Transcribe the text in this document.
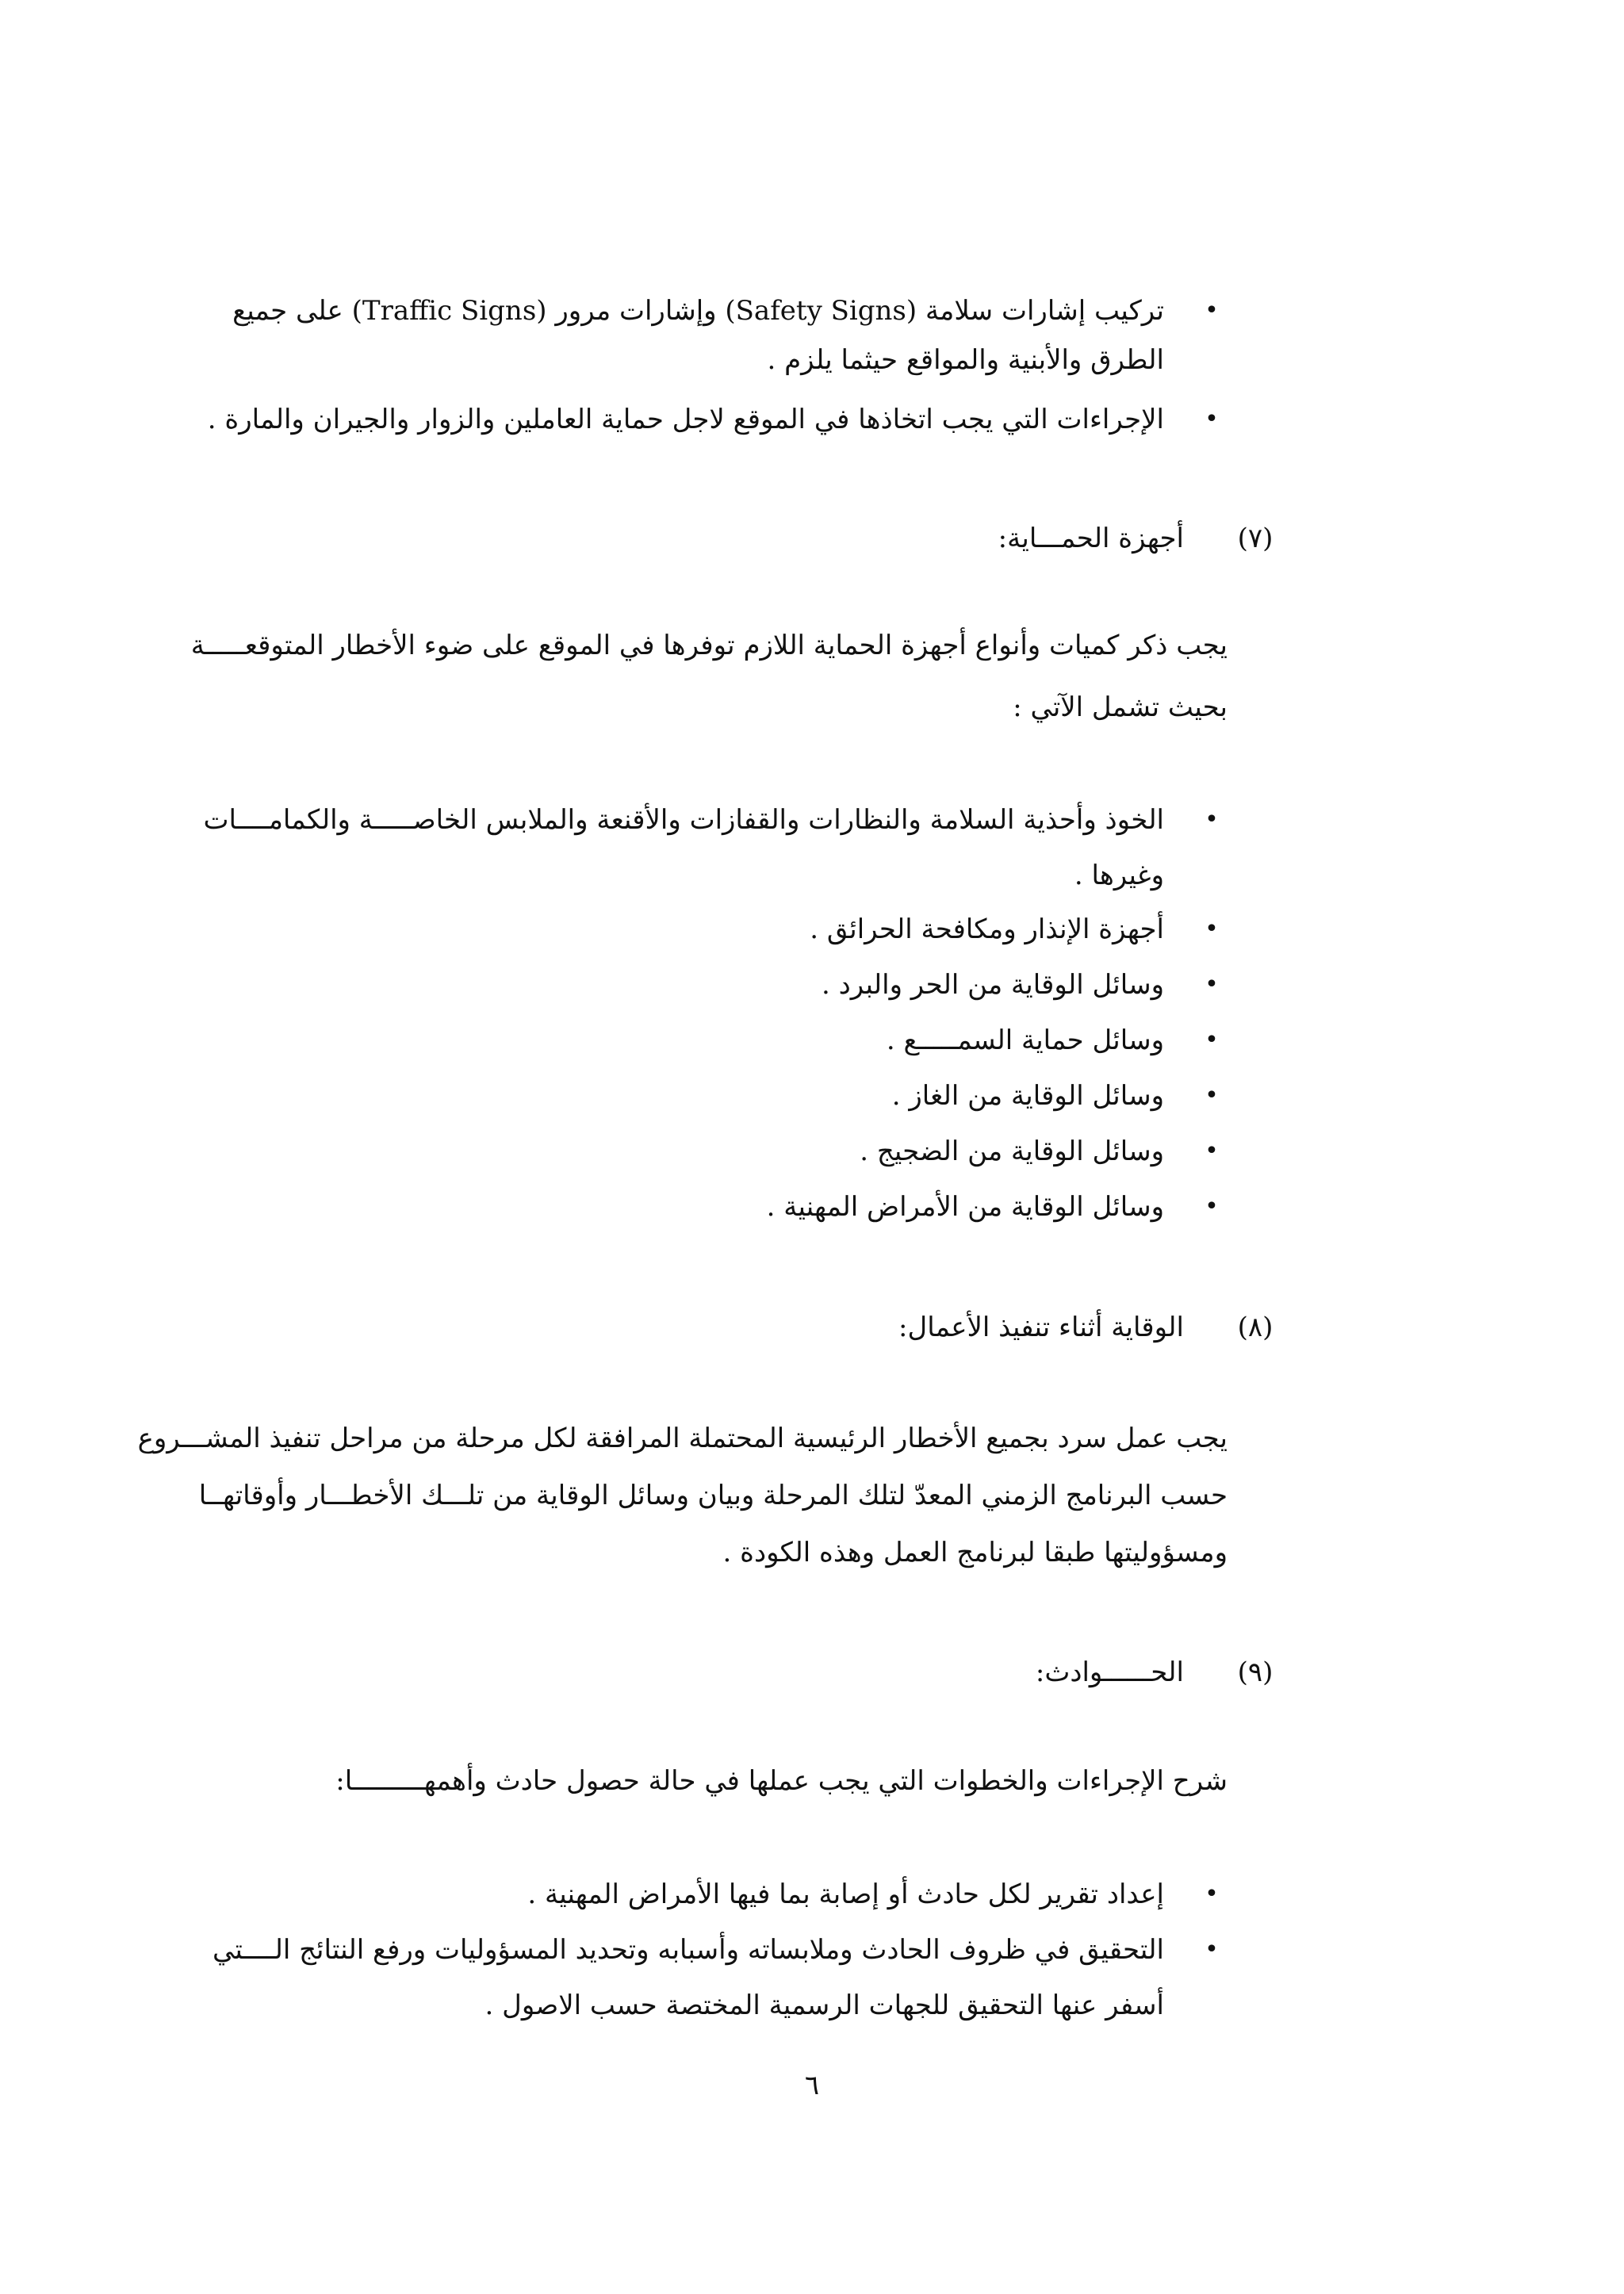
•
تركيب إشارات سلامة (Safety Signs) وإشارات مرور (Traffic Signs) على جميع
الطرق والأبنية والمواقع حيثما يلزم .
•
الإجراءات التي يجب اتخاذها في الموقع لاجل حماية العاملين والزوار والجيران والمارة .
(٧)
أجهزة الحمـــاية:
يجب ذكر كميات وأنواع أجهزة الحماية اللازم توفرها في الموقع على ضوء الأخطار المتوقعـــــة
بحيث تشمل الآتي :
•
الخوذ وأحذية السلامة والنظارات والقفازات والأقنعة والملابس الخاصـــــة والكمامــــات
وغيرها .
•
أجهزة الإنذار ومكافحة الحرائق .
•
وسائل الوقاية من الحر والبرد .
•
وسائل حماية السمـــــع .
•
وسائل الوقاية من الغاز .
•
وسائل الوقاية من الضجيج .
•
وسائل الوقاية من الأمراض المهنية .
(٨)
الوقاية أثناء تنفيذ الأعمال:
يجب عمل سرد بجميع الأخطار الرئيسية المحتملة المرافقة لكل مرحلة من مراحل تنفيذ المشـــروع
حسب البرنامج الزمني المعدّ لتلك المرحلة وبيان وسائل الوقاية من تلـــك الأخطـــار وأوقاتهــا
ومسؤوليتها طبقا لبرنامج العمل وهذه الكودة .
(٩)
الحــــــوادث:
شرح الإجراءات والخطوات التي يجب عملها في حالة حصول حادث وأهمهـــــــــا:
•
إعداد تقرير لكل حادث أو إصابة بما فيها الأمراض المهنية .
•
التحقيق في ظروف الحادث وملابساته وأسبابه وتحديد المسؤوليات ورفع النتائج الــــتي
أسفر عنها التحقيق للجهات الرسمية المختصة حسب الاصول .
٦
